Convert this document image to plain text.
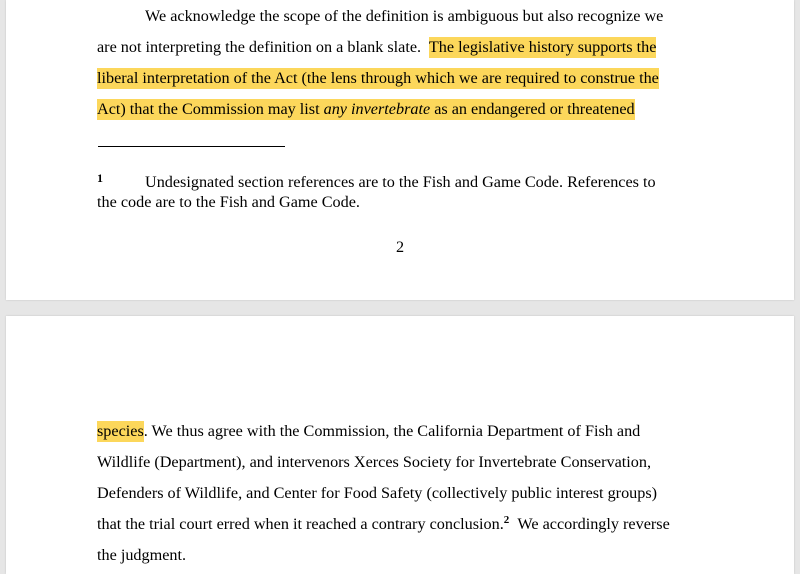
We acknowledge the scope of the definition is ambiguous but also recognize we
are not interpreting the definition on a blank slate. The legislative history supports the
liberal interpretation of the Act (the lens through which we are required to construe the
Act) that the Commission may list any invertebrate as an endangered or threatened
1	Undesignated section references are to the Fish and Game Code. References to
the code are to the Fish and Game Code.
2
species. We thus agree with the Commission, the California Department of Fish and
Wildlife (Department), and intervenors Xerces Society for Invertebrate Conservation,
Defenders of Wildlife, and Center for Food Safety (collectively public interest groups)
that the trial court erred when it reached a contrary conclusion.$^2$ We accordingly reverse
the judgment.
